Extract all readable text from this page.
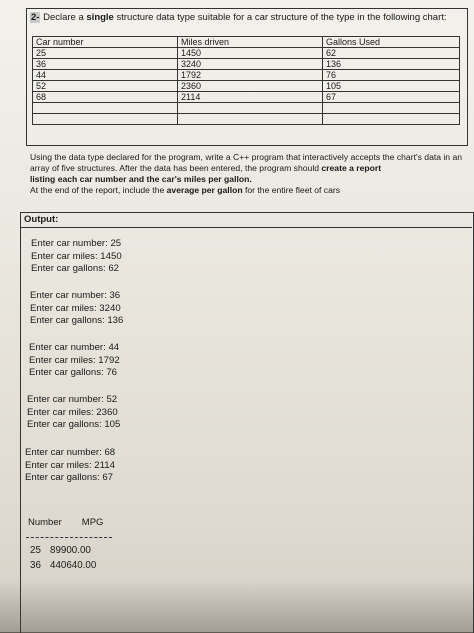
2- Declare a single structure data type suitable for a car structure of the type in the following chart:
Car number	Miles driven	Gallons Used
25	1450	62
36	3240	136
44	1792	76
52	2360	105
68	2114	67

Using the data type declared for the program, write a C++ program that interactively accepts the chart's data in an array of five structures. After the data has been entered, the program should create a report
listing each car number and the car's miles per gallon.

At the end of the report, include the average per gallon for the entire fleet of cars

Output:

Enter car number: 25

Enter car miles: 1450

Enter car gallons: 62

Enter car number: 36

Enter car miles: 3240

Enter car gallons: 136

Enter car number: 44

Enter car miles: 1792

Enter car gallons: 76

Enter car number: 52

Enter car miles: 2360

Enter car gallons: 105

Enter car number: 68

Enter car miles: 2114

Enter car gallons: 67

Number MPG
25 89900.00
36 440640.00
